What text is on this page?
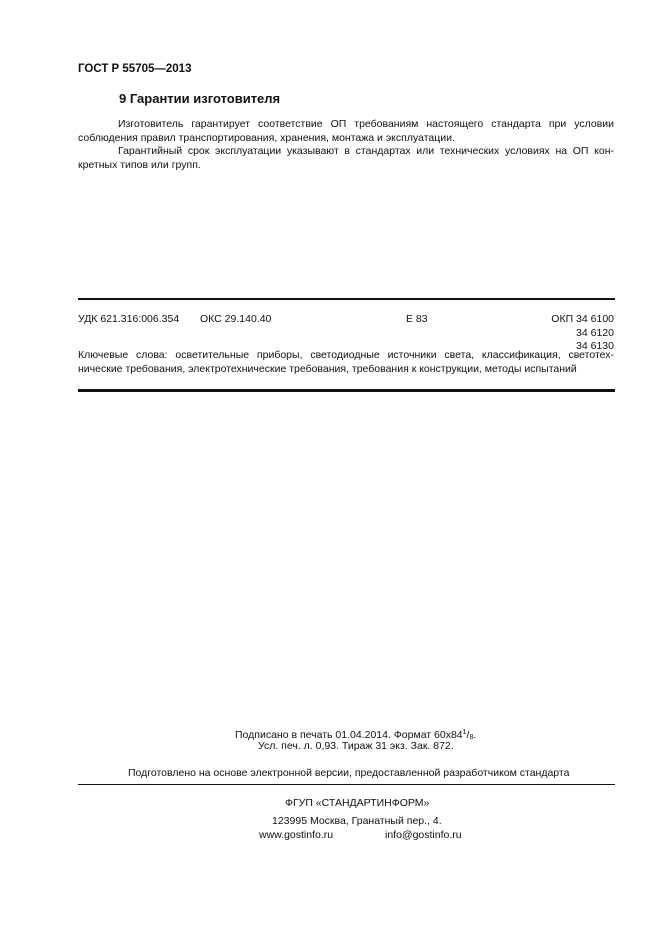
ГОСТ Р 55705—2013
9 Гарантии изготовителя
Изготовитель гарантирует соответствие ОП требованиям настоящего стандарта при условии
соблюдения правил транспортирования, хранения, монтажа и эксплуатации.
Гарантийный срок эксплуатации указывают в стандартах или технических условиях на ОП кон-
кретных типов или групп.
УДК 621.316:006.354 ОКС 29.140.40	Е 83	ОКП 34 6100
34 6120
34 6130
Ключевые слова: осветительные приборы, светодиодные источники света, классификация, светотех-
нические требования, электротехнические требования, требования к конструкции, методы испытаний
Подписано в печать 01.04.2014. Формат $60x84^1/_8$.
Усл. печ. л. 0,93. Тираж 31 экз. Зак. 872.
Подготовлено на основе электронной версии, предоставленной разработчиком стандарта
ФГУП «СТАНДАРТИНФОРМ»
123995 Москва, Гранатный пер., 4.
www.gostinfo.ru	info@gostinfo.ru
